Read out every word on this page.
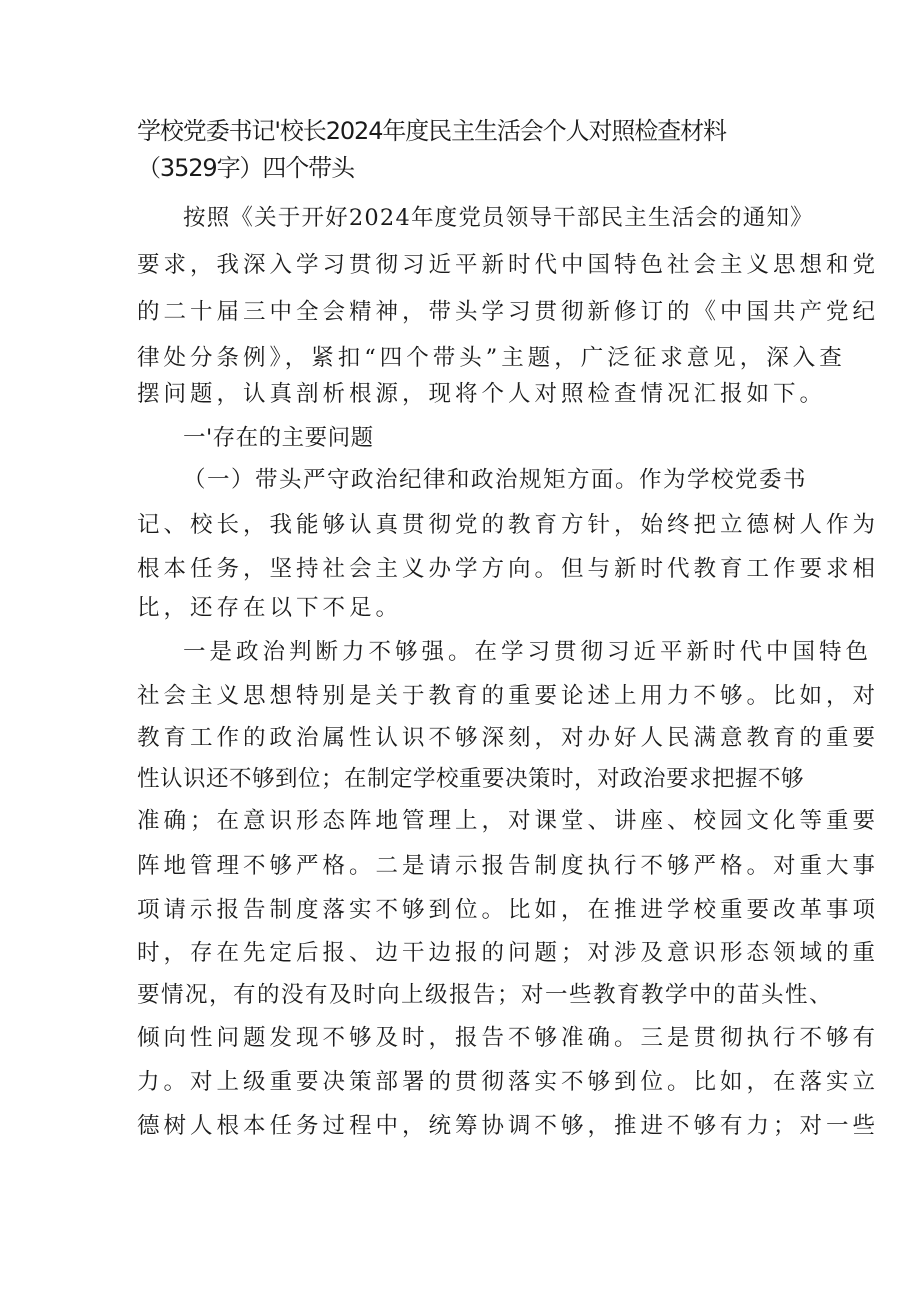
学校党委书记'校长2024年度民主生活会个人对照检查材料（3529字）四个带头

按照《关于开好2024年度党员领导干部民主生活会的通知》

要求，我深入学习贯彻习近平新时代中国特色社会主义思想和党

的二十届三中全会精神，带头学习贯彻新修订的《中国共产党纪

律处分条例》，紧扣“四个带头”主题，广泛征求意见，深入查

摆问题，认真剖析根源，现将个人对照检查情况汇报如下。

一'存在的主要问题

（一）带头严守政治纪律和政治规矩方面。作为学校党委书

记、校长，我能够认真贯彻党的教育方针，始终把立德树人作为

根本任务，坚持社会主义办学方向。但与新时代教育工作要求相

比，还存在以下不足。

一是政治判断力不够强。在学习贯彻习近平新时代中国特色

社会主义思想特别是关于教育的重要论述上用力不够。比如，对

教育工作的政治属性认识不够深刻，对办好人民满意教育的重要

性认识还不够到位；在制定学校重要决策时，对政治要求把握不够

准确；在意识形态阵地管理上，对课堂、讲座、校园文化等重要

阵地管理不够严格。二是请示报告制度执行不够严格。对重大事

项请示报告制度落实不够到位。比如，在推进学校重要改革事项

时，存在先定后报、边干边报的问题；对涉及意识形态领域的重

要情况，有的没有及时向上级报告；对一些教育教学中的苗头性、

倾向性问题发现不够及时，报告不够准确。三是贯彻执行不够有

力。对上级重要决策部署的贯彻落实不够到位。比如，在落实立

德树人根本任务过程中，统筹协调不够，推进不够有力；对一些
